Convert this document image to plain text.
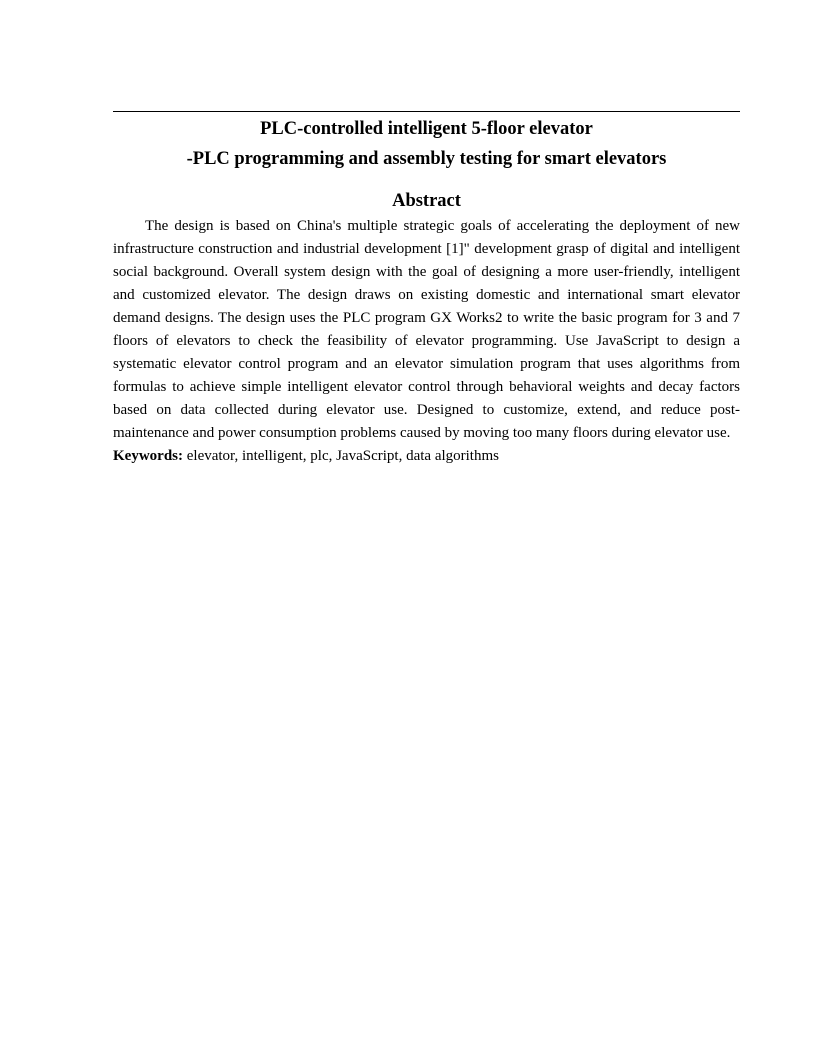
PLC-controlled intelligent 5-floor elevator
-PLC programming and assembly testing for smart elevators
Abstract

The design is based on China's multiple strategic goals of accelerating the deployment of new infrastructure construction and industrial development [1]" development grasp of digital and intelligent social background. Overall system design with the goal of designing a more user-friendly, intelligent and customized elevator. The design draws on existing domestic and international smart elevator demand designs. The design uses the PLC program GX Works2 to write the basic program for 3 and 7 floors of elevators to check the feasibility of elevator programming. Use JavaScript to design a systematic elevator control program and an elevator simulation program that uses algorithms from formulas to achieve simple intelligent elevator control through behavioral weights and decay factors based on data collected during elevator use. Designed to customize, extend, and reduce post-maintenance and power consumption problems caused by moving too many floors during elevator use.

Keywords: elevator, intelligent, plc, JavaScript, data algorithms
